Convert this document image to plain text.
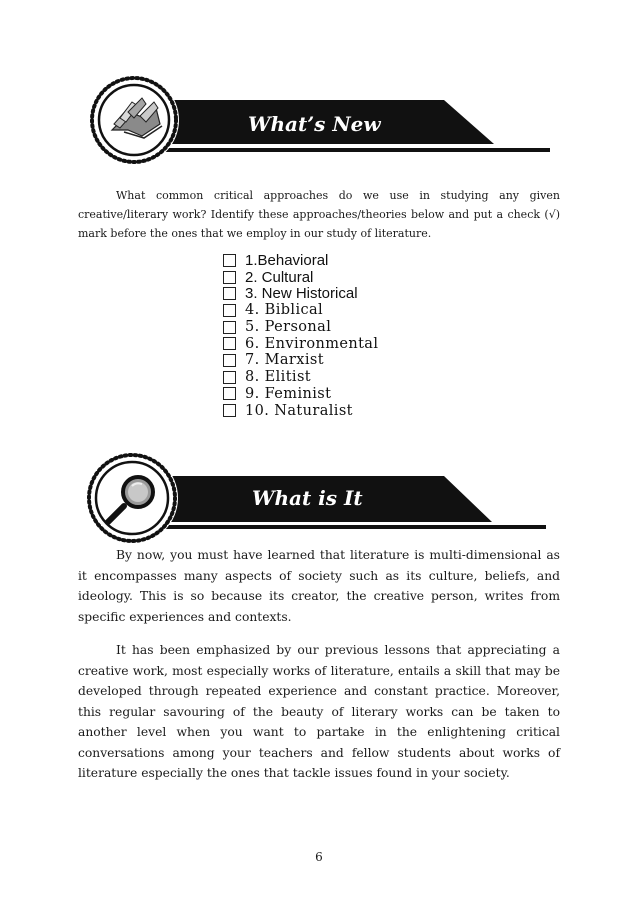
What’s New

What common critical approaches do we use in studying any given creative/literary work? Identify these approaches/theories below and put a check (√) mark before the ones that we employ in our study of literature.

1.Behavioral
2. Cultural
3. New Historical
4. Biblical
5. Personal
6. Environmental
7. Marxist
8. Elitist
9. Feminist
10. Naturalist
What is It

By now, you must have learned that literature is multi-dimensional as it encompasses many aspects of society such as its culture, beliefs, and ideology. This is so because its creator, the creative person, writes from specific experiences and contexts.

It has been emphasized by our previous lessons that appreciating a creative work, most especially works of literature, entails a skill that may be developed through repeated experience and constant practice. Moreover, this regular savouring of the beauty of literary works can be taken to another level when you want to partake in the enlightening critical conversations among your teachers and fellow students about works of literature especially the ones that tackle issues found in your society.

6
